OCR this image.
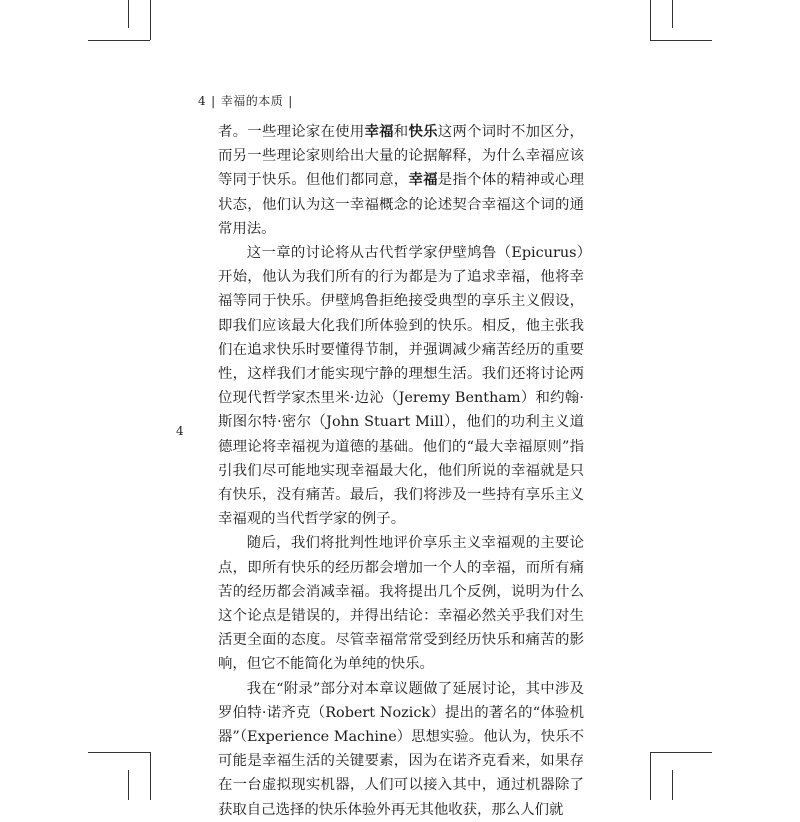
4 | 幸福的本质 |
4

者。一些理论家在使用幸福和快乐这两个词时不加区分，而另一些理论家则给出大量的论据解释，为什么幸福应该等同于快乐。但他们都同意，幸福是指个体的精神或心理状态，他们认为这一幸福概念的论述契合幸福这个词的通常用法。

这一章的讨论将从古代哲学家伊壁鸠鲁（Epicurus）开始，他认为我们所有的行为都是为了追求幸福，他将幸福等同于快乐。伊壁鸠鲁拒绝接受典型的享乐主义假设，即我们应该最大化我们所体验到的快乐。相反，他主张我们在追求快乐时要懂得节制，并强调减少痛苦经历的重要性，这样我们才能实现宁静的理想生活。我们还将讨论两位现代哲学家杰里米·边沁（Jeremy Bentham）和约翰·斯图尔特·密尔（John Stuart Mill），他们的功利主义道德理论将幸福视为道德的基础。他们的“最大幸福原则”指引我们尽可能地实现幸福最大化，他们所说的幸福就是只有快乐，没有痛苦。最后，我们将涉及一些持有享乐主义幸福观的当代哲学家的例子。

随后，我们将批判性地评价享乐主义幸福观的主要论点，即所有快乐的经历都会增加一个人的幸福，而所有痛苦的经历都会消减幸福。我将提出几个反例，说明为什么这个论点是错误的，并得出结论：幸福必然关乎我们对生活更全面的态度。尽管幸福常常受到经历快乐和痛苦的影响，但它不能简化为单纯的快乐。

我在“附录”部分对本章议题做了延展讨论，其中涉及罗伯特·诺齐克（Robert Nozick）提出的著名的“体验机器”（Experience Machine）思想实验。他认为，快乐不可能是幸福生活的关键要素，因为在诺齐克看来，如果存在一台虚拟现实机器，人们可以接入其中，通过机器除了获取自己选择的快乐体验外再无其他收获，那么人们就
